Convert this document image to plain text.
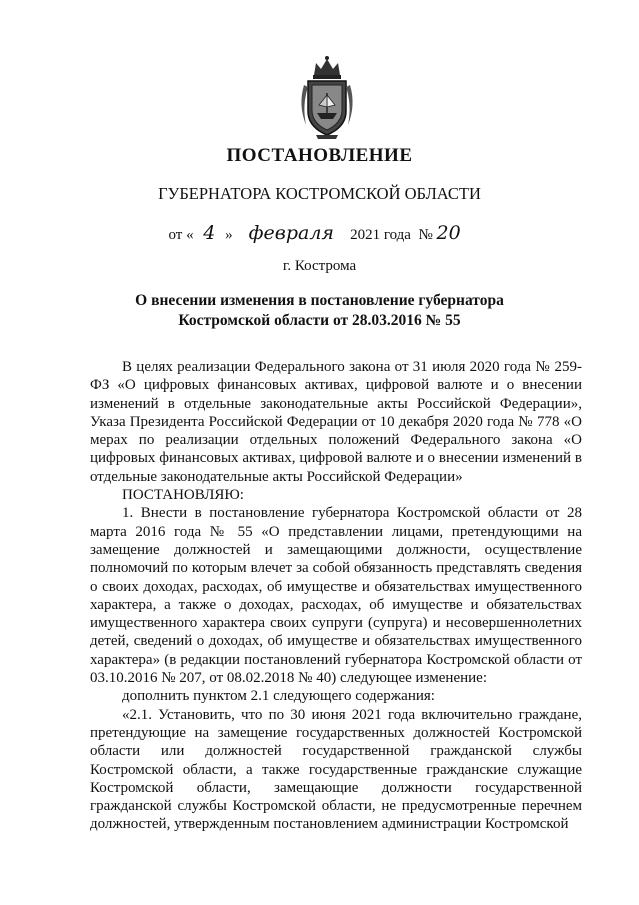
ПОСТАНОВЛЕНИЕ
ГУБЕРНАТОРА КОСТРОМСКОЙ ОБЛАСТИ
от « 4 » февраля 2021 года № 20
г. Кострома
О внесении изменения в постановление губернатора
Костромской области от 28.03.2016 № 55

В целях реализации Федерального закона от 31 июля 2020 года № 259-ФЗ «О цифровых финансовых активах, цифровой валюте и о внесении изменений в отдельные законодательные акты Российской Федерации», Указа Президента Российской Федерации от 10 декабря 2020 года № 778 «О мерах по реализации отдельных положений Федерального закона «О цифровых финансовых активах, цифровой валюте и о внесении изменений в отдельные законодательные акты Российской Федерации»

ПОСТАНОВЛЯЮ:

1. Внести в постановление губернатора Костромской области от 28 марта 2016 года № 55 «О представлении лицами, претендующими на замещение должностей и замещающими должности, осуществление полномочий по которым влечет за собой обязанность представлять сведения о своих доходах, расходах, об имуществе и обязательствах имущественного характера, а также о доходах, расходах, об имуществе и обязательствах имущественного характера своих супруги (супруга) и несовершеннолетних детей, сведений о доходах, об имуществе и обязательствах имущественного характера» (в редакции постановлений губернатора Костромской области от 03.10.2016 № 207, от 08.02.2018 № 40) следующее изменение:

дополнить пунктом 2.1 следующего содержания:

«2.1. Установить, что по 30 июня 2021 года включительно граждане, претендующие на замещение государственных должностей Костромской области или должностей государственной гражданской службы Костромской области, а также государственные гражданские служащие Костромской области, замещающие должности государственной гражданской службы Костромской области, не предусмотренные перечнем должностей, утвержденным постановлением администрации Костромской
